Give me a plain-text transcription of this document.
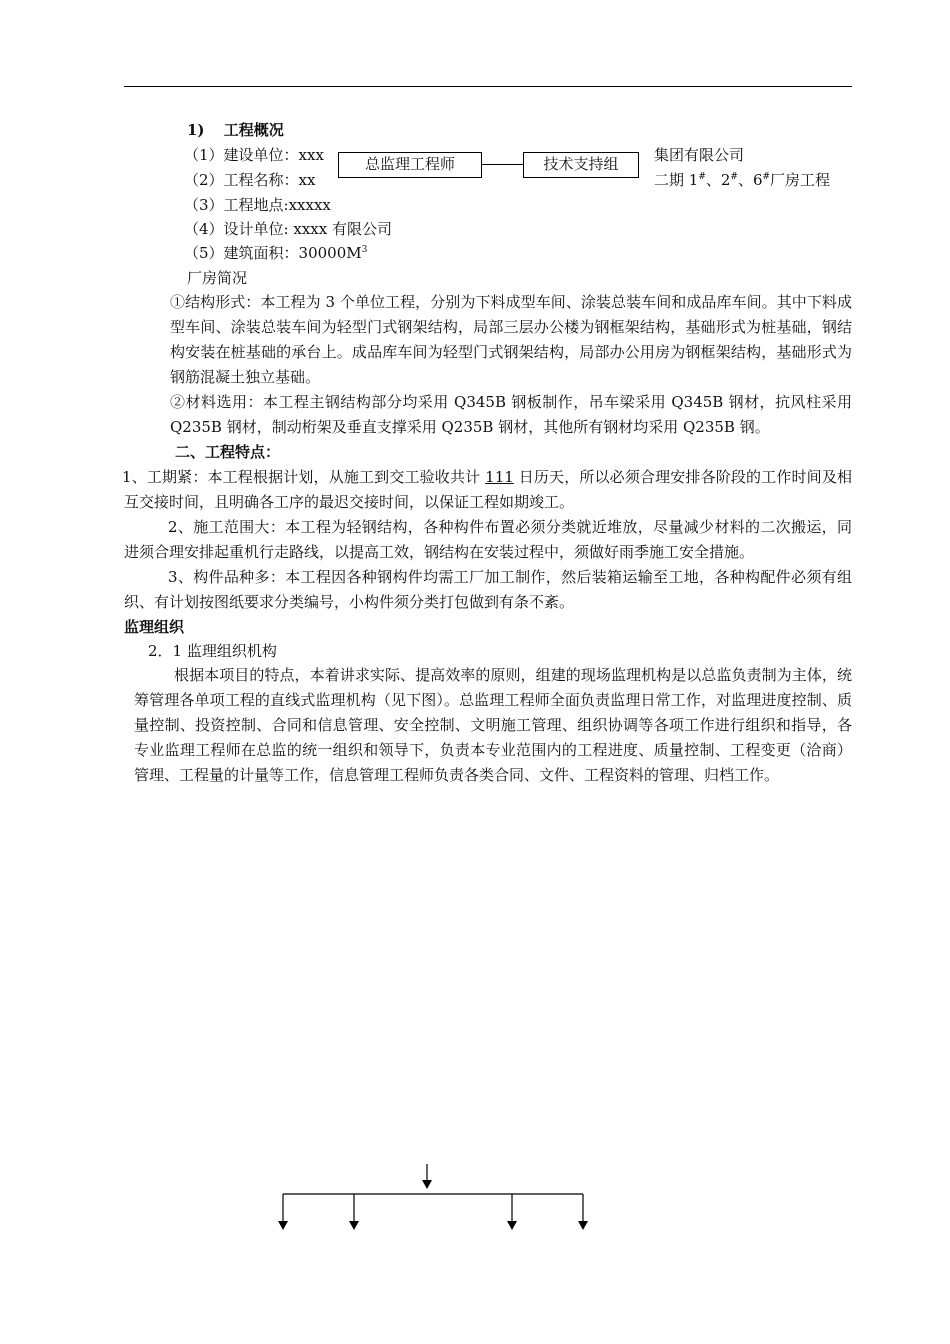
1) 工程概况
（1）建设单位：xxx
（2）工程名称：xx
（3）工程地点:xxxxx
（4）设计单位: xxxx 有限公司
（5）建筑面积：$30000M^3$
总监理工程师	技术支持组	集团有限公司
二期 1#、2#、6#厂房工程
厂房简况
①结构形式：本工程为 3 个单位工程，分别为下料成型车间、涂装总装车间和成品库车间。其中下料成型车间、涂装总装车间为轻型门式钢架结构，局部三层办公楼为钢框架结构，基础形式为桩基础，钢结构安装在桩基础的承台上。成品库车间为轻型门式钢架结构，局部办公用房为钢框架结构，基础形式为钢筋混凝土独立基础。
②材料选用：本工程主钢结构部分均采用 Q345B 钢板制作，吊车梁采用 Q345B 钢材，抗风柱采用 Q235B 钢材，制动桁架及垂直支撑采用 Q235B 钢材，其他所有钢材均采用 Q235B 钢。
二、工程特点：
1、工期紧：本工程根据计划，从施工到交工验收共计 111 日历天，所以必须合理安排各阶段的工作时间及相互交接时间，且明确各工序的最迟交接时间，以保证工程如期竣工。
2、施工范围大：本工程为轻钢结构，各种构件布置必须分类就近堆放，尽量减少材料的二次搬运，同进须合理安排起重机行走路线，以提高工效，钢结构在安装过程中，须做好雨季施工安全措施。
3、构件品种多：本工程因各种钢构件均需工厂加工制作，然后装箱运输至工地，各种构配件必须有组织、有计划按图纸要求分类编号，小构件须分类打包做到有条不紊。
监理组织
2．1 监理组织机构
根据本项目的特点，本着讲求实际、提高效率的原则，组建的现场监理机构是以总监负责制为主体，统筹管理各单项工程的直线式监理机构（见下图）。总监理工程师全面负责监理日常工作，对监理进度控制、质量控制、投资控制、合同和信息管理、安全控制、文明施工管理、组织协调等各项工作进行组织和指导，各专业监理工程师在总监的统一组织和领导下，负责本专业范围内的工程进度、质量控制、工程变更（洽商）管理、工程量的计量等工作，信息管理工程师负责各类合同、文件、工程资料的管理、归档工作。
